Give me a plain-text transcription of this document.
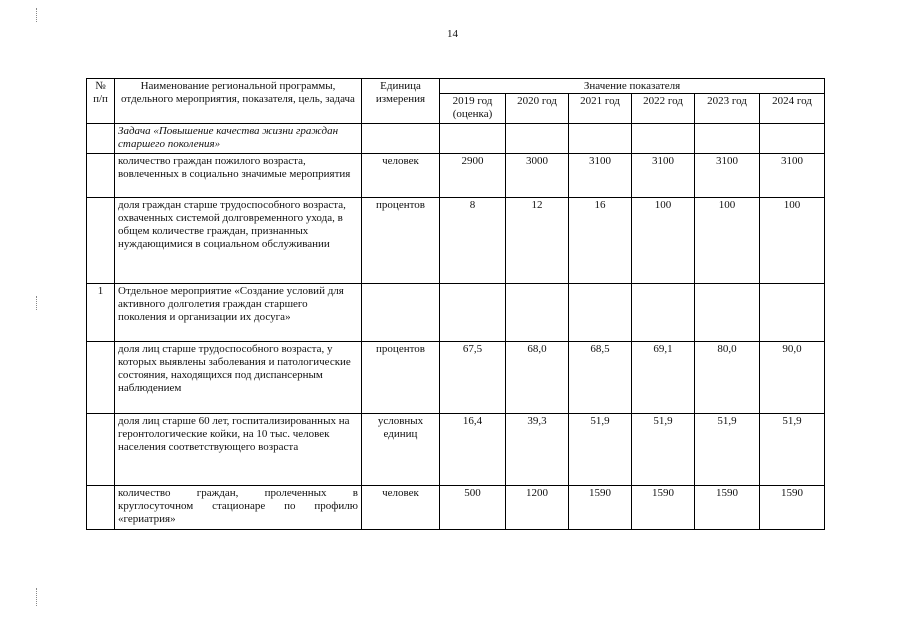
14
№ п/п	Наименование региональной программы, отдельного мероприятия, показателя, цель, задача	Единица измерения	Значение показателя					
			2019 год (оценка)	2020 год	2021 год	2022 год	2023 год	2024 год
	Задача «Повышение качества жизни граждан старшего поколения»							
	количество граждан пожилого возраста, вовлеченных в социально значимые мероприятия	человек	2900	3000	3100	3100	3100	3100
	доля граждан старше трудоспособного возраста, охваченных системой долговременного ухода, в общем количестве граждан, признанных нуждающимися в социальном обслуживании	процентов	8	12	16	100	100	100
1	Отдельное мероприятие «Создание условий для активного долголетия граждан старшего поколения и организации их досуга»							
	доля лиц старше трудоспособного возраста, у которых выявлены заболевания и патологические состояния, находящихся под диспансерным наблюдением	процентов	67,5	68,0	68,5	69,1	80,0	90,0
	доля лиц старше 60 лет, госпитализированных на геронтологические койки, на 10 тыс. человек населения соответствующего возраста	условных единиц	16,4	39,3	51,9	51,9	51,9	51,9
	количество граждан, пролеченных в круглосуточном стационаре по профилю «гериатрия»	человек	500	1200	1590	1590	1590	1590
